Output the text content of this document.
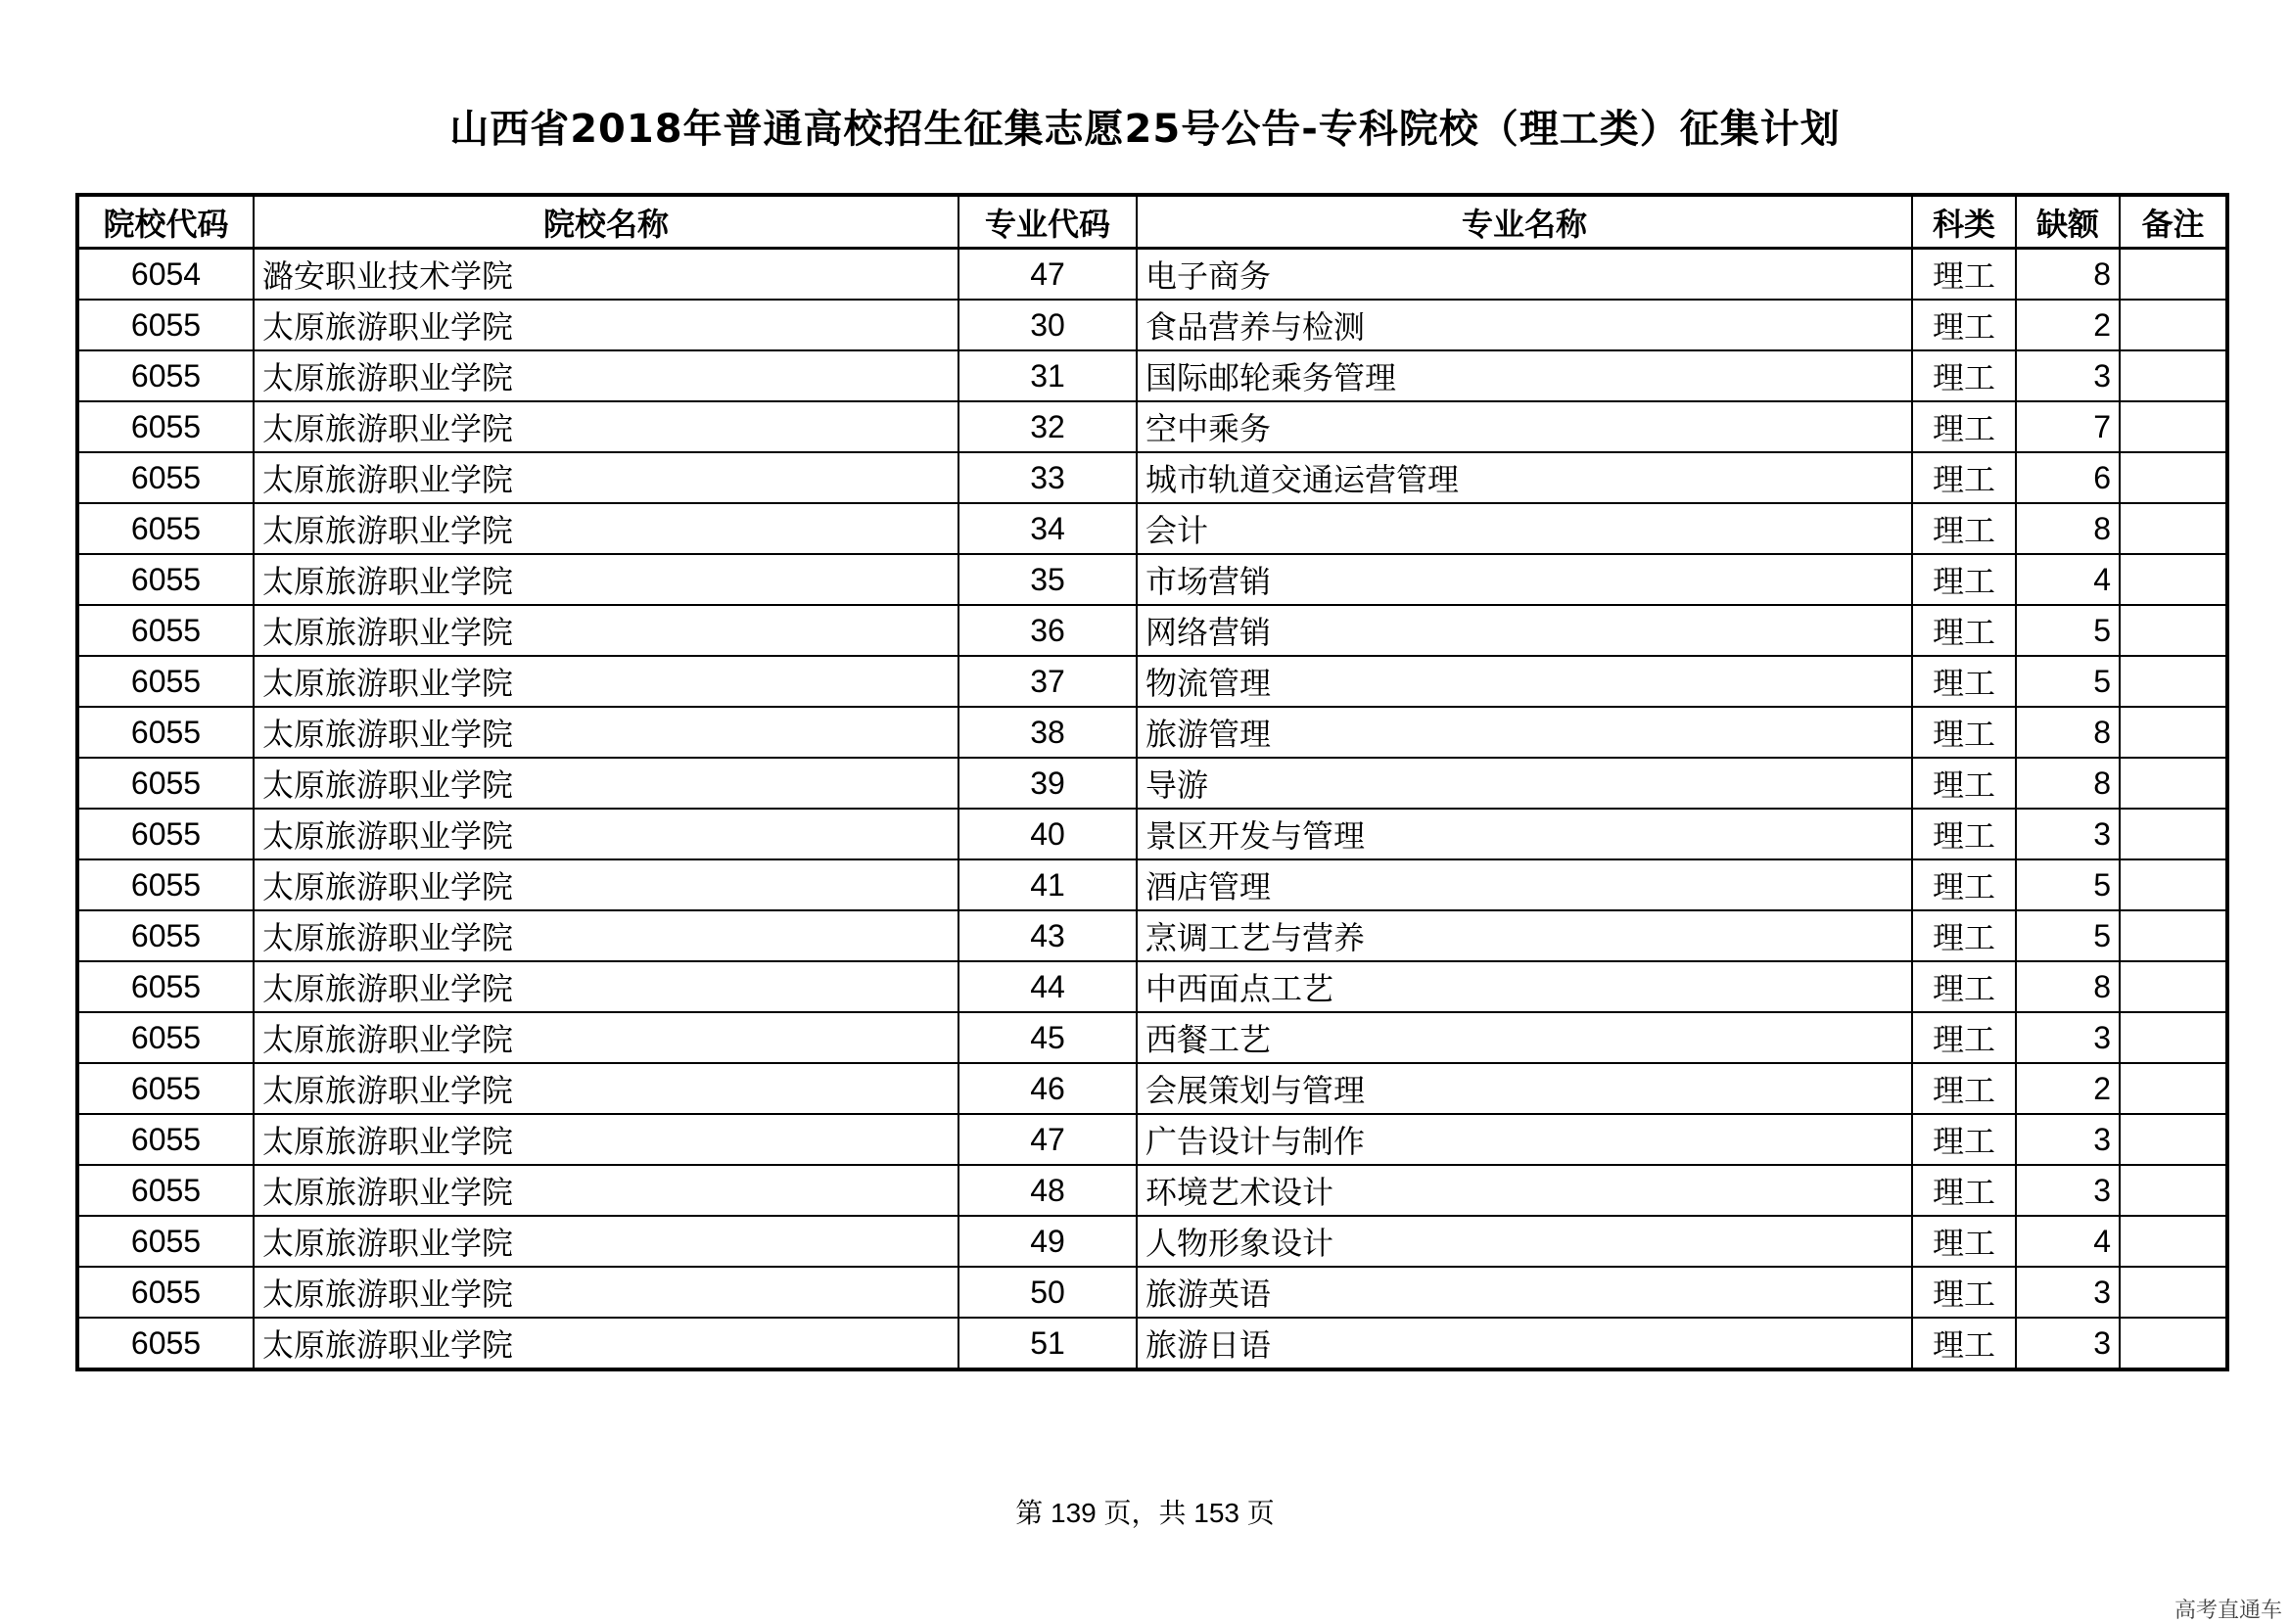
山西省2018年普通高校招生征集志愿25号公告-专科院校（理工类）征集计划
院校代码	院校名称	专业代码	专业名称	科类	缺额	备注
6054	潞安职业技术学院	47	电子商务	理工	8	
6055	太原旅游职业学院	30	食品营养与检测	理工	2	
6055	太原旅游职业学院	31	国际邮轮乘务管理	理工	3	
6055	太原旅游职业学院	32	空中乘务	理工	7	
6055	太原旅游职业学院	33	城市轨道交通运营管理	理工	6	
6055	太原旅游职业学院	34	会计	理工	8	
6055	太原旅游职业学院	35	市场营销	理工	4	
6055	太原旅游职业学院	36	网络营销	理工	5	
6055	太原旅游职业学院	37	物流管理	理工	5	
6055	太原旅游职业学院	38	旅游管理	理工	8	
6055	太原旅游职业学院	39	导游	理工	8	
6055	太原旅游职业学院	40	景区开发与管理	理工	3	
6055	太原旅游职业学院	41	酒店管理	理工	5	
6055	太原旅游职业学院	43	烹调工艺与营养	理工	5	
6055	太原旅游职业学院	44	中西面点工艺	理工	8	
6055	太原旅游职业学院	45	西餐工艺	理工	3	
6055	太原旅游职业学院	46	会展策划与管理	理工	2	
6055	太原旅游职业学院	47	广告设计与制作	理工	3	
6055	太原旅游职业学院	48	环境艺术设计	理工	3	
6055	太原旅游职业学院	49	人物形象设计	理工	4	
6055	太原旅游职业学院	50	旅游英语	理工	3	
6055	太原旅游职业学院	51	旅游日语	理工	3	
第 139 页，共 153 页
高考直通车
